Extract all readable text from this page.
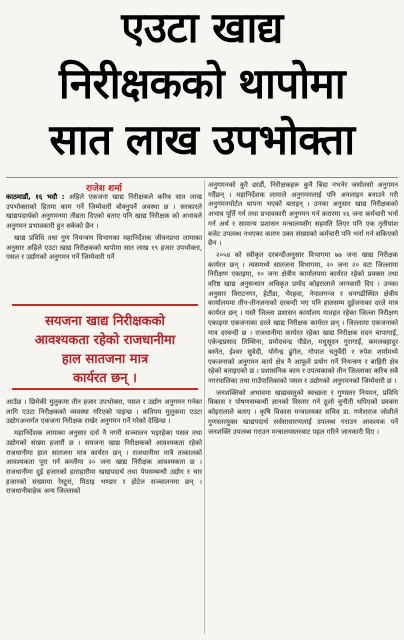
एउटा खाद्य
निरीक्षकको थापोमा
सात लाख उपभोक्ता
राजेश शर्मा

काठमाडौं, १६ भदौ : अहिले एकजना खाद्य निरीक्षकले करिब सात लाख उपभोक्ताको हितमा काम गर्ने जिम्मेवारी बोक्नुपर्ने अवस्था छ । सरकारले खाद्यपदार्थको अनुगमनमा तीव्रता दिएको बताए पनि खाद्य निरीक्षक को अभावले अनुगमन प्रभावकारी हुन सकेको छैन ।

खाद्य प्रविधि तथा गुण नियन्त्रण विभागका महानिर्देशक जीवनप्रभा लामाका अनुसार अहिले एउटा खाद्य निरीक्षकको थापोमा सात लाख १९ हजार उपभोक्ता, पसल र उद्योगको अनुगमन गर्ने जिम्मेवारी पर्ने

सयजना खाद्य निरीक्षकको
आवश्यकता रहेको राजधानीमा
हाल सातजना मात्र
कार्यरत छन् ।

आउँछ । छिमेकी मुलुकमा तीन हजार उपभोक्ता, पसल र उद्योग अनुगमन गर्नका लागि एउटा निरीक्षकको व्यवस्था गरिएको पाइन्छ । कतिपय मुलुकमा एउटा उद्योगअन्तर्गत एकजना निरीक्षक राखेर अनुगमन गर्ने गरेको देखिन्छ ।

महानिर्देशक लामाका अनुसार दर्ता नै नगरी सञ्चालन भइरहेका पसल तथा उद्योगको संख्या हजारौं छ । सयजना खाद्य निरीक्षकको आवश्यकता रहेको राजधानीमा हाल सातजना मात्र कार्यरत छन् । राजधानीमा मात्रै तत्कालको आवश्यकता पूरा गर्न कम्तीमा २० जना खाद्य निरीक्षक आवश्यकता छ । राजधानीमा दुई हजारको हाराहारीमा खाद्यपदार्थ तथा पेयसम्बन्धी उद्योग र चार हजारको संख्यामा रेस्टुरां, मिठाइ भण्डार र होटेल सञ्चालनमा छन् । राजधानीबाहेक अन्य जिल्लाको

अनुगमनको कुरै छाडौं, निरीक्षकहरू कुनै बिदा नभनेर जसोतसो अनुगमन गर्दैछन् । महानिर्देशक लामाले अनुगमनलाई पनि अनलाइन बनाउने गरी अनुगमनपोर्टल थापना भएको बताइन् । उनका अनुसार खाद्य निरीक्षकको अभाव पूर्ति गर्न तथा प्रभावकारी अनुगमन गर्न करारमा १६ जना कर्मचारी भर्ना गर्न अर्थ र सामान्य प्रशासन मन्त्रालयसँग सहमति लिएर पनि एक तृतीयांश बजेट उपलब्ध नभएका कारण उक्त संख्याको कर्मचारी पनि भर्ना गर्न सकिएको छैन ।

२०५४ को स्वीकृत दरबन्दीअनुसार विभागमा ७७ जना खाद्य निरीक्षक कार्यरत छन् । त्यसमध्ये सातजना विभागमा, २० जना २० वटा जिल्लामा निरीक्षण एकाइमा, १० जना क्षेत्रीय कार्यालयमा कार्यरत रहेको प्रवक्ता तथा वरिष्ठ खाद्य अनुसन्धान अधिकृत प्रमोद कोइरालाले जानकारी दिए । उनका अनुसार विराटनगर, हेटौंडा, भैरहवा, नेपालगन्ज र धनगढीस्थित क्षेत्रीय कार्यालयमा तीन-तीनजनाको दरबन्दी भए पनि हालसम्म दुईजनाका दरले मात्र कार्यरत छन् । यस्तै जिल्ला प्रशासन कार्यालय मातहत रहेका जिल्ला निरीक्षण एकाइमा एकजनाका दरले खाद्य निरीक्षक कार्यरत छन् । जिल्लामा एकजनाको मात्र दरबन्दी छ । राजधानीमा कार्यरत रहेका खाद्य निरीक्षक मदन चापागाईं, एकेन्द्रप्रसाद तिम्सिना, प्रमोदचन्द्र पौडेल, मधुसूदन गुरागाईं, कमलबहादुर बस्नेत, ईश्वर सुवेदी, योगेन्द्र ढुंगेल, गोपाल चतुर्वेदी र रुपेश शर्मामध्ये एकजनाको अनुगमन कार्य क्षेत्र नै आफूले प्रयोग गर्ने नियन्त्रण र बाहिरी क्षेत्र रहेको बताइएको छ । प्रशासनिक काम र उपत्यकाको तीन जिल्लाका करिब सबै नगरपालिका तथा गाउँपालिकाको पसल र उद्योगको अनुगमनको जिम्मेवारी छ ।

जनशक्तिको अभावमा खाद्यवस्तुको स्वच्छता र गुणस्तर नियमन, प्रविधि विकास र पोषणसम्बन्धी ज्ञानको विस्तार गर्न ठूलो चुनौती थपिएको प्रवक्ता कोइरालाले बताए । कृषि विकास मन्त्रालयका सचिव डा. गणेशराज जोशीले गुणस्तरयुक्त खाद्यपदार्थ सर्वसाधारणलाई उपलब्ध गराउन आवश्यक पर्ने जनशक्ति उपलब्ध गराउन मन्त्रालयस्तरबाट पहल गरिने जानकारी दिए ।
